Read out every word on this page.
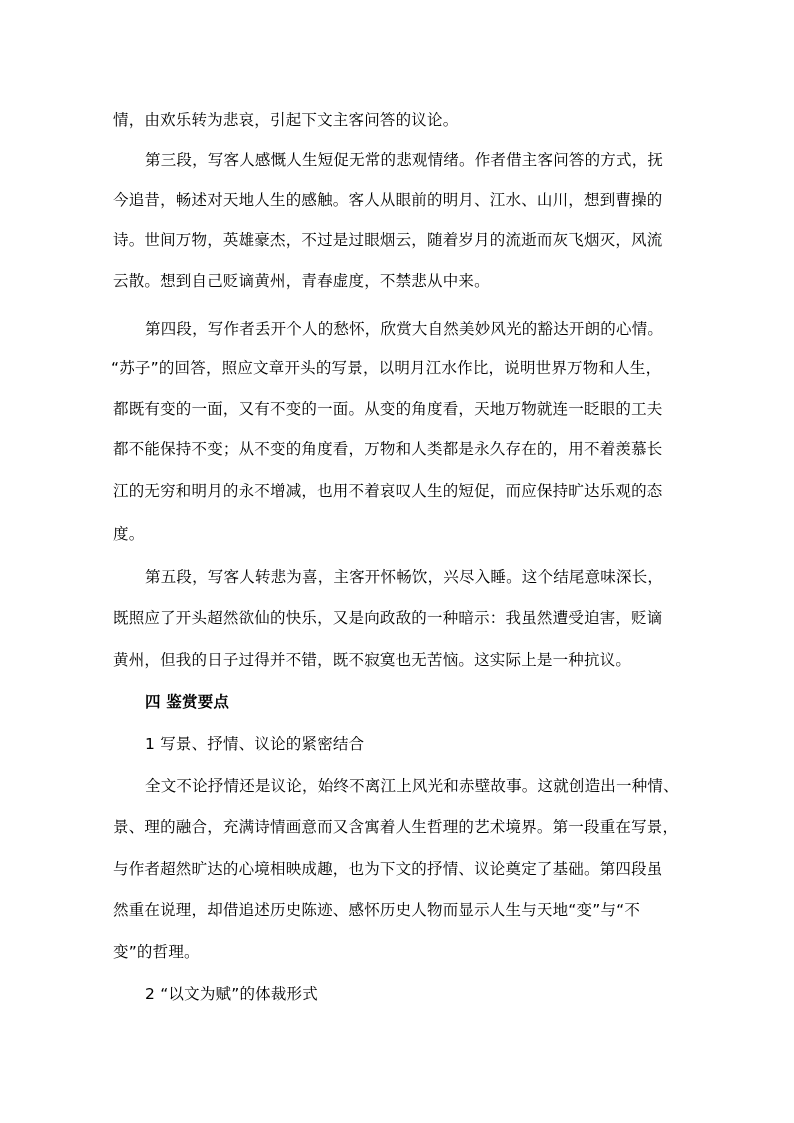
情，由欢乐转为悲哀，引起下文主客问答的议论。
第三段，写客人感慨人生短促无常的悲观情绪。作者借主客问答的方式，抚
今追昔，畅述对天地人生的感触。客人从眼前的明月、江水、山川，想到曹操的
诗。世间万物，英雄豪杰，不过是过眼烟云，随着岁月的流逝而灰飞烟灭，风流
云散。想到自己贬谪黄州，青春虚度，不禁悲从中来。
第四段，写作者丢开个人的愁怀，欣赏大自然美妙风光的豁达开朗的心情。
“苏子”的回答，照应文章开头的写景，以明月江水作比，说明世界万物和人生，
都既有变的一面，又有不变的一面。从变的角度看，天地万物就连一眨眼的工夫
都不能保持不变；从不变的角度看，万物和人类都是永久存在的，用不着羡慕长
江的无穷和明月的永不增减，也用不着哀叹人生的短促，而应保持旷达乐观的态
度。
第五段，写客人转悲为喜，主客开怀畅饮，兴尽入睡。这个结尾意味深长，
既照应了开头超然欲仙的快乐，又是向政敌的一种暗示：我虽然遭受迫害，贬谪
黄州，但我的日子过得并不错，既不寂寞也无苦恼。这实际上是一种抗议。
四 鉴赏要点
1 写景、抒情、议论的紧密结合
全文不论抒情还是议论，始终不离江上风光和赤壁故事。这就创造出一种情、
景、理的融合，充满诗情画意而又含寓着人生哲理的艺术境界。第一段重在写景，
与作者超然旷达的心境相映成趣，也为下文的抒情、议论奠定了基础。第四段虽
然重在说理，却借追述历史陈迹、感怀历史人物而显示人生与天地“变”与“不
变”的哲理。
2 “以文为赋”的体裁形式
